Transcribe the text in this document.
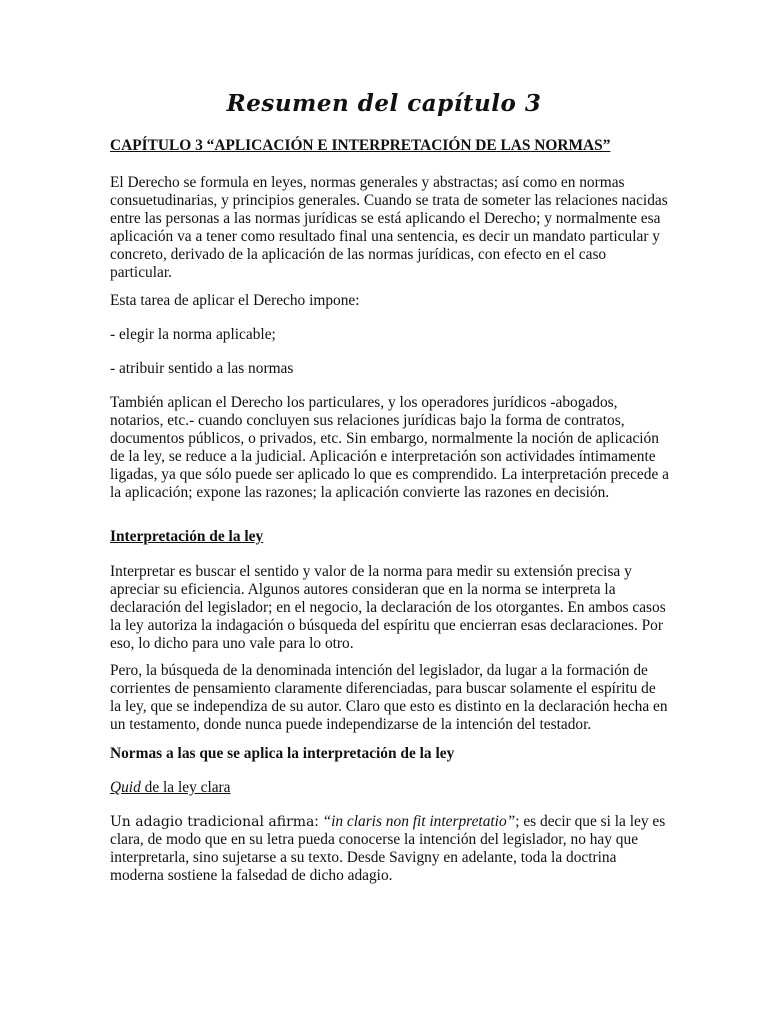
Resumen del capítulo 3
CAPÍTULO 3 “APLICACIÓN E INTERPRETACIÓN DE LAS NORMAS”

El Derecho se formula en leyes, normas generales y abstractas; así como en normas consuetudinarias, y principios generales. Cuando se trata de someter las relaciones nacidas entre las personas a las normas jurídicas se está aplicando el Derecho; y normalmente esa aplicación va a tener como resultado final una sentencia, es decir un mandato particular y concreto, derivado de la aplicación de las normas jurídicas, con efecto en el caso particular.

Esta tarea de aplicar el Derecho impone:

- elegir la norma aplicable;

- atribuir sentido a las normas

También aplican el Derecho los particulares, y los operadores jurídicos -abogados, notarios, etc.- cuando concluyen sus relaciones jurídicas bajo la forma de contratos, documentos públicos, o privados, etc. Sin embargo, normalmente la noción de aplicación de la ley, se reduce a la judicial. Aplicación e interpretación son actividades íntimamente ligadas, ya que sólo puede ser aplicado lo que es comprendido. La interpretación precede a la aplicación; expone las razones; la aplicación convierte las razones en decisión.

Interpretación de la ley

Interpretar es buscar el sentido y valor de la norma para medir su extensión precisa y apreciar su eficiencia. Algunos autores consideran que en la norma se interpreta la declaración del legislador; en el negocio, la declaración de los otorgantes. En ambos casos la ley autoriza la indagación o búsqueda del espíritu que encierran esas declaraciones. Por eso, lo dicho para uno vale para lo otro.

Pero, la búsqueda de la denominada intención del legislador, da lugar a la formación de corrientes de pensamiento claramente diferenciadas, para buscar solamente el espíritu de la ley, que se independiza de su autor. Claro que esto es distinto en la declaración hecha en un testamento, donde nunca puede independizarse de la intención del testador.

Normas a las que se aplica la interpretación de la ley
Quid de la ley clara

Un adagio tradicional afirma: “in claris non fit interpretatio”; es decir que si la ley es clara, de modo que en su letra pueda conocerse la intención del legislador, no hay que interpretarla, sino sujetarse a su texto. Desde Savigny en adelante, toda la doctrina moderna sostiene la falsedad de dicho adagio.
